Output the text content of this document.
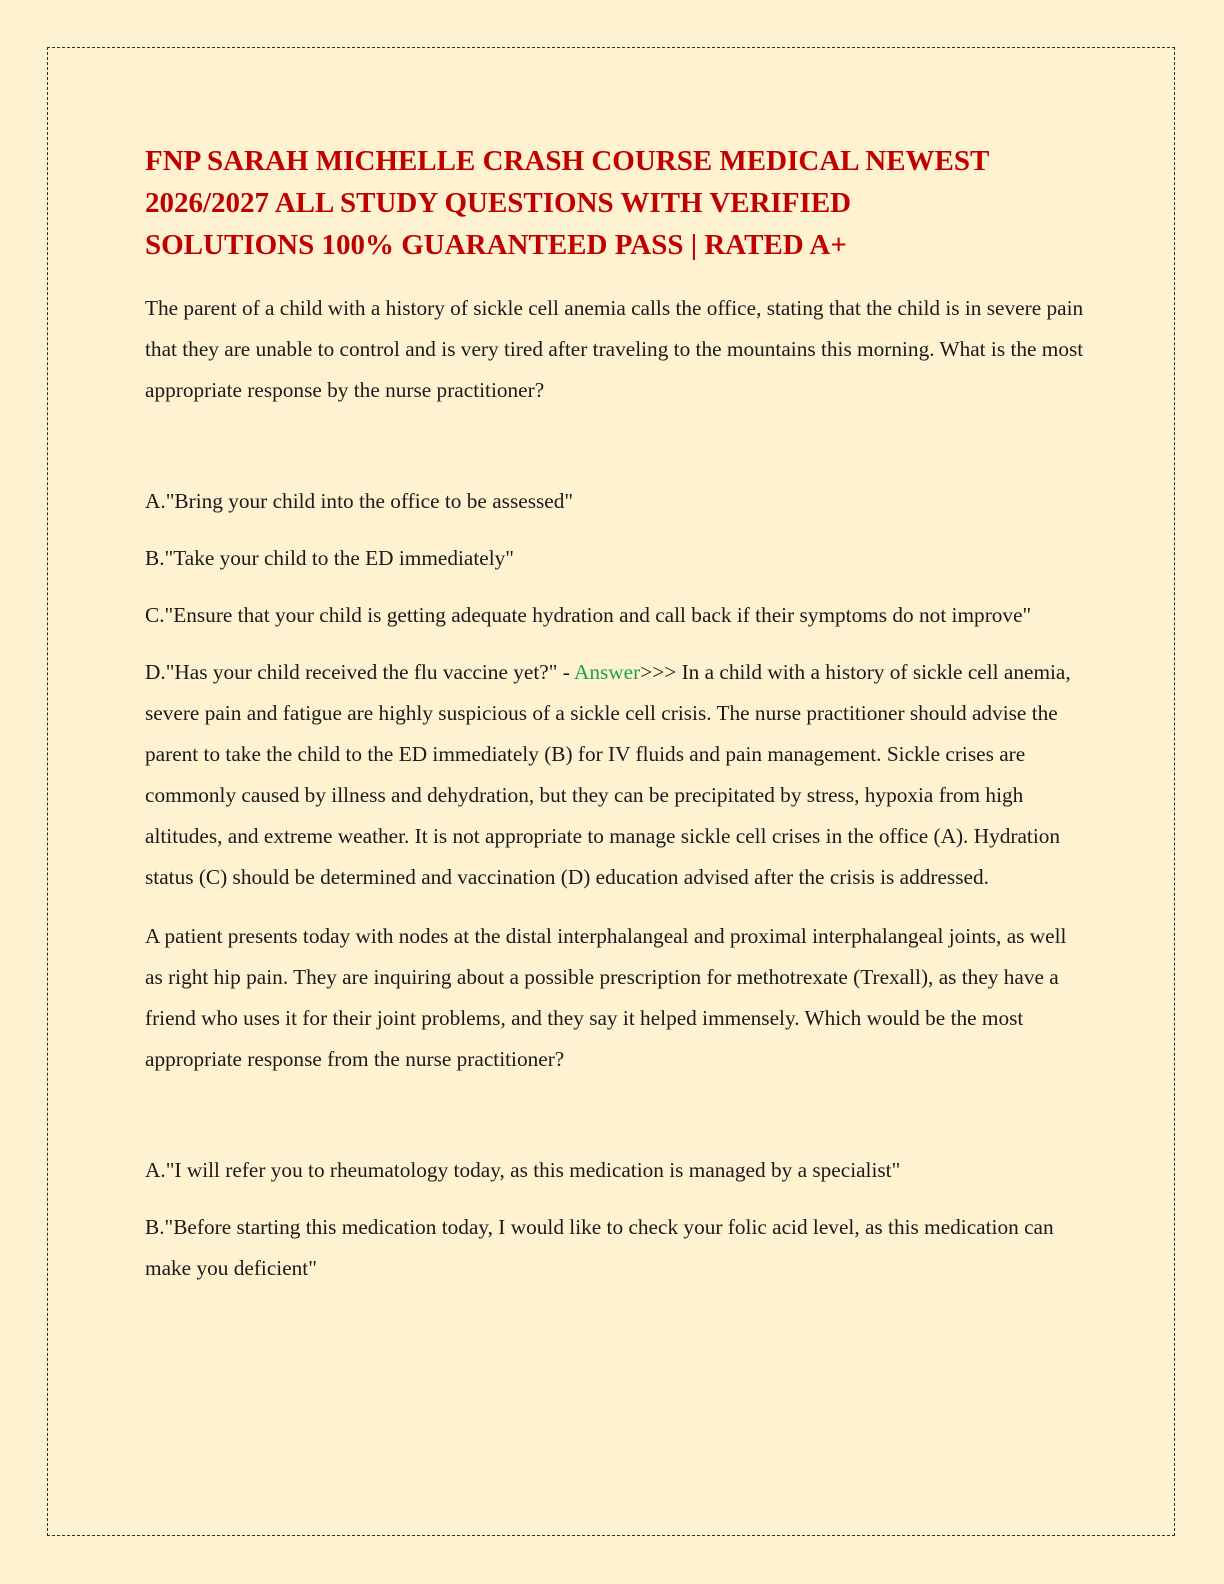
FNP SARAH MICHELLE CRASH COURSE MEDICAL NEWEST
2026/2027 ALL STUDY QUESTIONS WITH VERIFIED
SOLUTIONS 100% GUARANTEED PASS | RATED A+

The parent of a child with a history of sickle cell anemia calls the office, stating that the child is in severe pain that they are unable to control and is very tired after traveling to the mountains this morning. What is the most appropriate response by the nurse practitioner?

A."Bring your child into the office to be assessed"

B."Take your child to the ED immediately"

C."Ensure that your child is getting adequate hydration and call back if their symptoms do not improve"

D."Has your child received the flu vaccine yet?" - Answer>>> In a child with a history of sickle cell anemia, severe pain and fatigue are highly suspicious of a sickle cell crisis. The nurse practitioner should advise the parent to take the child to the ED immediately (B) for IV fluids and pain management. Sickle crises are commonly caused by illness and dehydration, but they can be precipitated by stress, hypoxia from high altitudes, and extreme weather. It is not appropriate to manage sickle cell crises in the office (A). Hydration status (C) should be determined and vaccination (D) education advised after the crisis is addressed.

A patient presents today with nodes at the distal interphalangeal and proximal interphalangeal joints, as well as right hip pain. They are inquiring about a possible prescription for methotrexate (Trexall), as they have a friend who uses it for their joint problems, and they say it helped immensely. Which would be the most appropriate response from the nurse practitioner?

A."I will refer you to rheumatology today, as this medication is managed by a specialist"

B."Before starting this medication today, I would like to check your folic acid level, as this medication can make you deficient"
